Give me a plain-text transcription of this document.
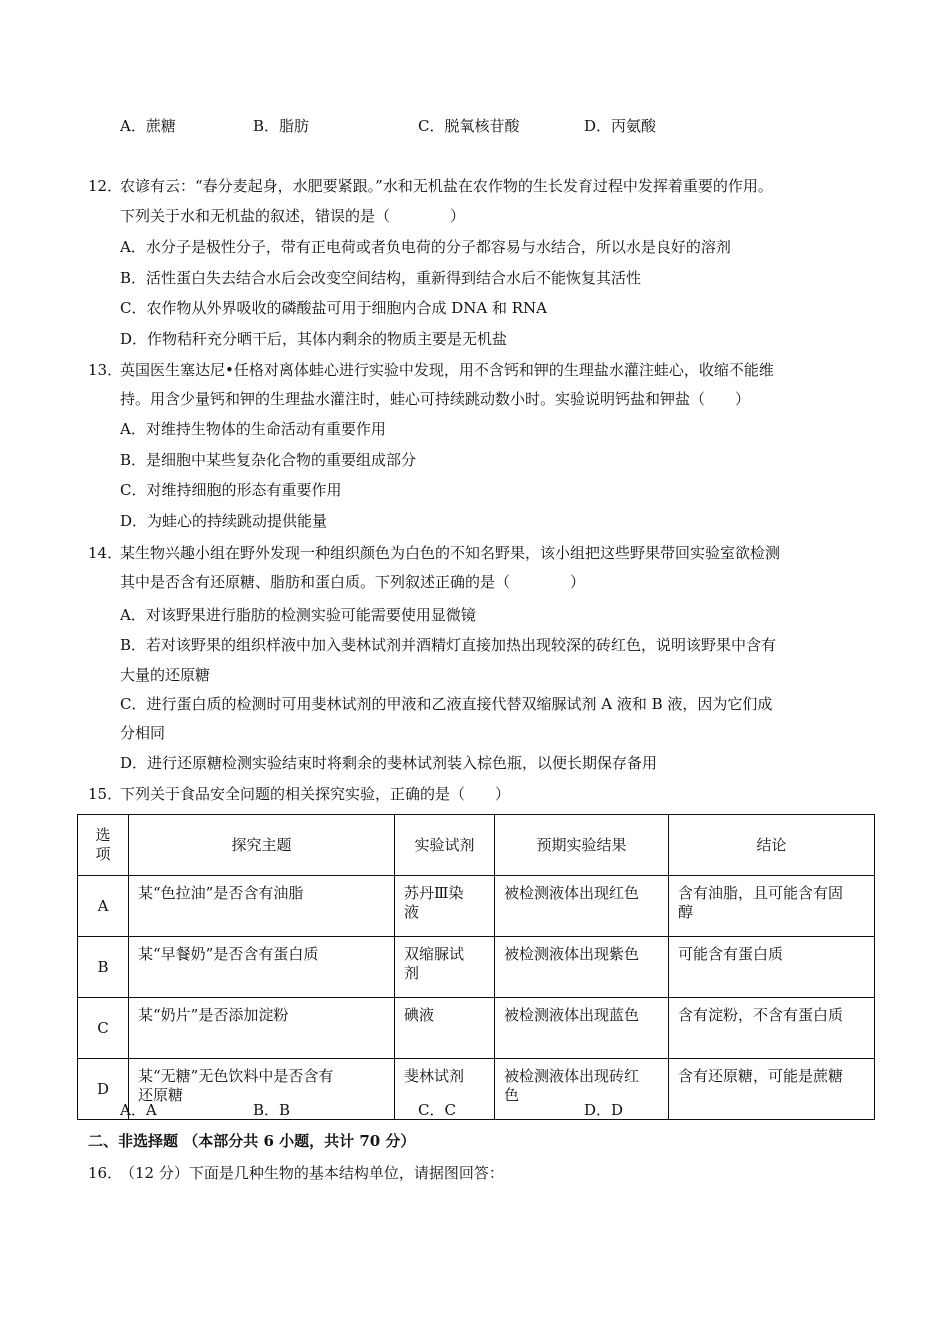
A．蔗糖	B．脂肪	C．脱氧核苷酸	D．丙氨酸
12．
农谚有云：“春分麦起身，水肥要紧跟。”水和无机盐在农作物的生长发育过程中发挥着重要的作用。
下列关于水和无机盐的叙述，错误的是（　　　　）
A．水分子是极性分子，带有正电荷或者负电荷的分子都容易与水结合，所以水是良好的溶剂
B．活性蛋白失去结合水后会改变空间结构，重新得到结合水后不能恢复其活性
C．农作物从外界吸收的磷酸盐可用于细胞内合成 DNA 和 RNA
D．作物秸秆充分晒干后，其体内剩余的物质主要是无机盐
13．
英国医生塞达尼•任格对离体蛙心进行实验中发现，用不含钙和钾的生理盐水灌注蛙心，收缩不能维
持。用含少量钙和钾的生理盐水灌注时，蛙心可持续跳动数小时。实验说明钙盐和钾盐（　　）
A．对维持生物体的生命活动有重要作用
B．是细胞中某些复杂化合物的重要组成部分
C．对维持细胞的形态有重要作用
D．为蛙心的持续跳动提供能量
14．
某生物兴趣小组在野外发现一种组织颜色为白色的不知名野果，该小组把这些野果带回实验室欲检测
其中是否含有还原糖、脂肪和蛋白质。下列叙述正确的是（　　　　）
A．对该野果进行脂肪的检测实验可能需要使用显微镜
B．若对该野果的组织样液中加入斐林试剂并酒精灯直接加热出现较深的砖红色，说明该野果中含有
大量的还原糖
C．进行蛋白质的检测时可用斐林试剂的甲液和乙液直接代替双缩脲试剂 A 液和 B 液，因为它们成
分相同
D．进行还原糖检测实验结束时将剩余的斐林试剂装入棕色瓶，以便长期保存备用
15．
下列关于食品安全问题的相关探究实验，正确的是（　　）
选
项	探究主题	实验试剂	预期实验结果	结论
A	某“色拉油”是否含有油脂	苏丹Ⅲ染
液	被检测液体出现红色	含有油脂，且可能含有固
醇
B	某“早餐奶”是否含有蛋白质	双缩脲试
剂	被检测液体出现紫色	可能含有蛋白质
C	某“奶片”是否添加淀粉	碘液	被检测液体出现蓝色	含有淀粉，不含有蛋白质
D	某“无糖”无色饮料中是否含有
还原糖	斐林试剂	被检测液体出现砖红
色	含有还原糖，可能是蔗糖
A．A	B．B	C．C	D．D
二、非选择题 （本部分共 6 小题，共计 70 分）
16．
（12 分）下面是几种生物的基本结构单位，请据图回答：
